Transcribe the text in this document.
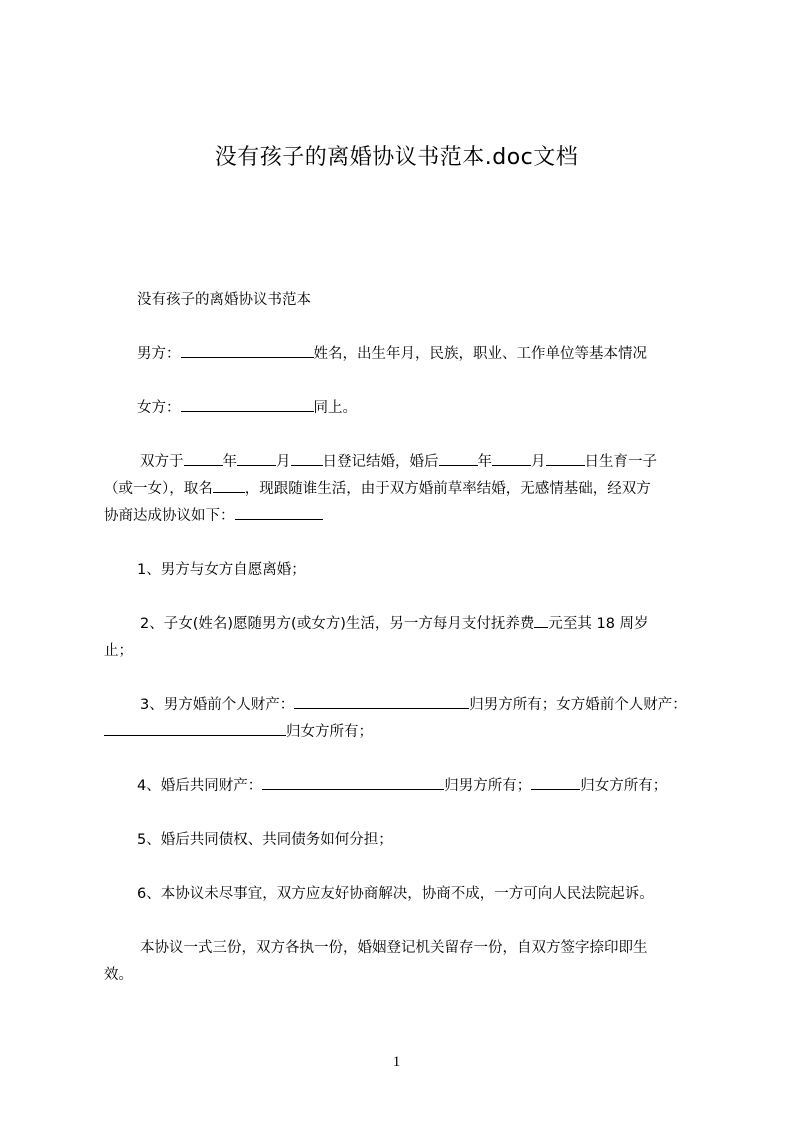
没有孩子的离婚协议书范本.doc文档
没有孩子的离婚协议书范本
男方：	姓名，出生年月，民族，职业、工作单位等基本情况
女方：	同上。
双方于	年	月 日登记结婚，婚后	年	月	日生育一子
（或一女），取名 ，现跟随谁生活，由于双方婚前草率结婚，无感情基础，经双方
协商达成协议如下：
1、男方与女方自愿离婚；
2、子女(姓名)愿随男方(或女方)生活，另一方每月支付抚养费 元至其 18 周岁
止；
3、男方婚前个人财产：	归男方所有；女方婚前个人财产：
归女方所有；
4、婚后共同财产：	归男方所有；	归女方所有；
5、婚后共同债权、共同债务如何分担；
6、本协议未尽事宜，双方应友好协商解决，协商不成，一方可向人民法院起诉。
本协议一式三份，双方各执一份，婚姻登记机关留存一份，自双方签字捺印即生
效。
1
